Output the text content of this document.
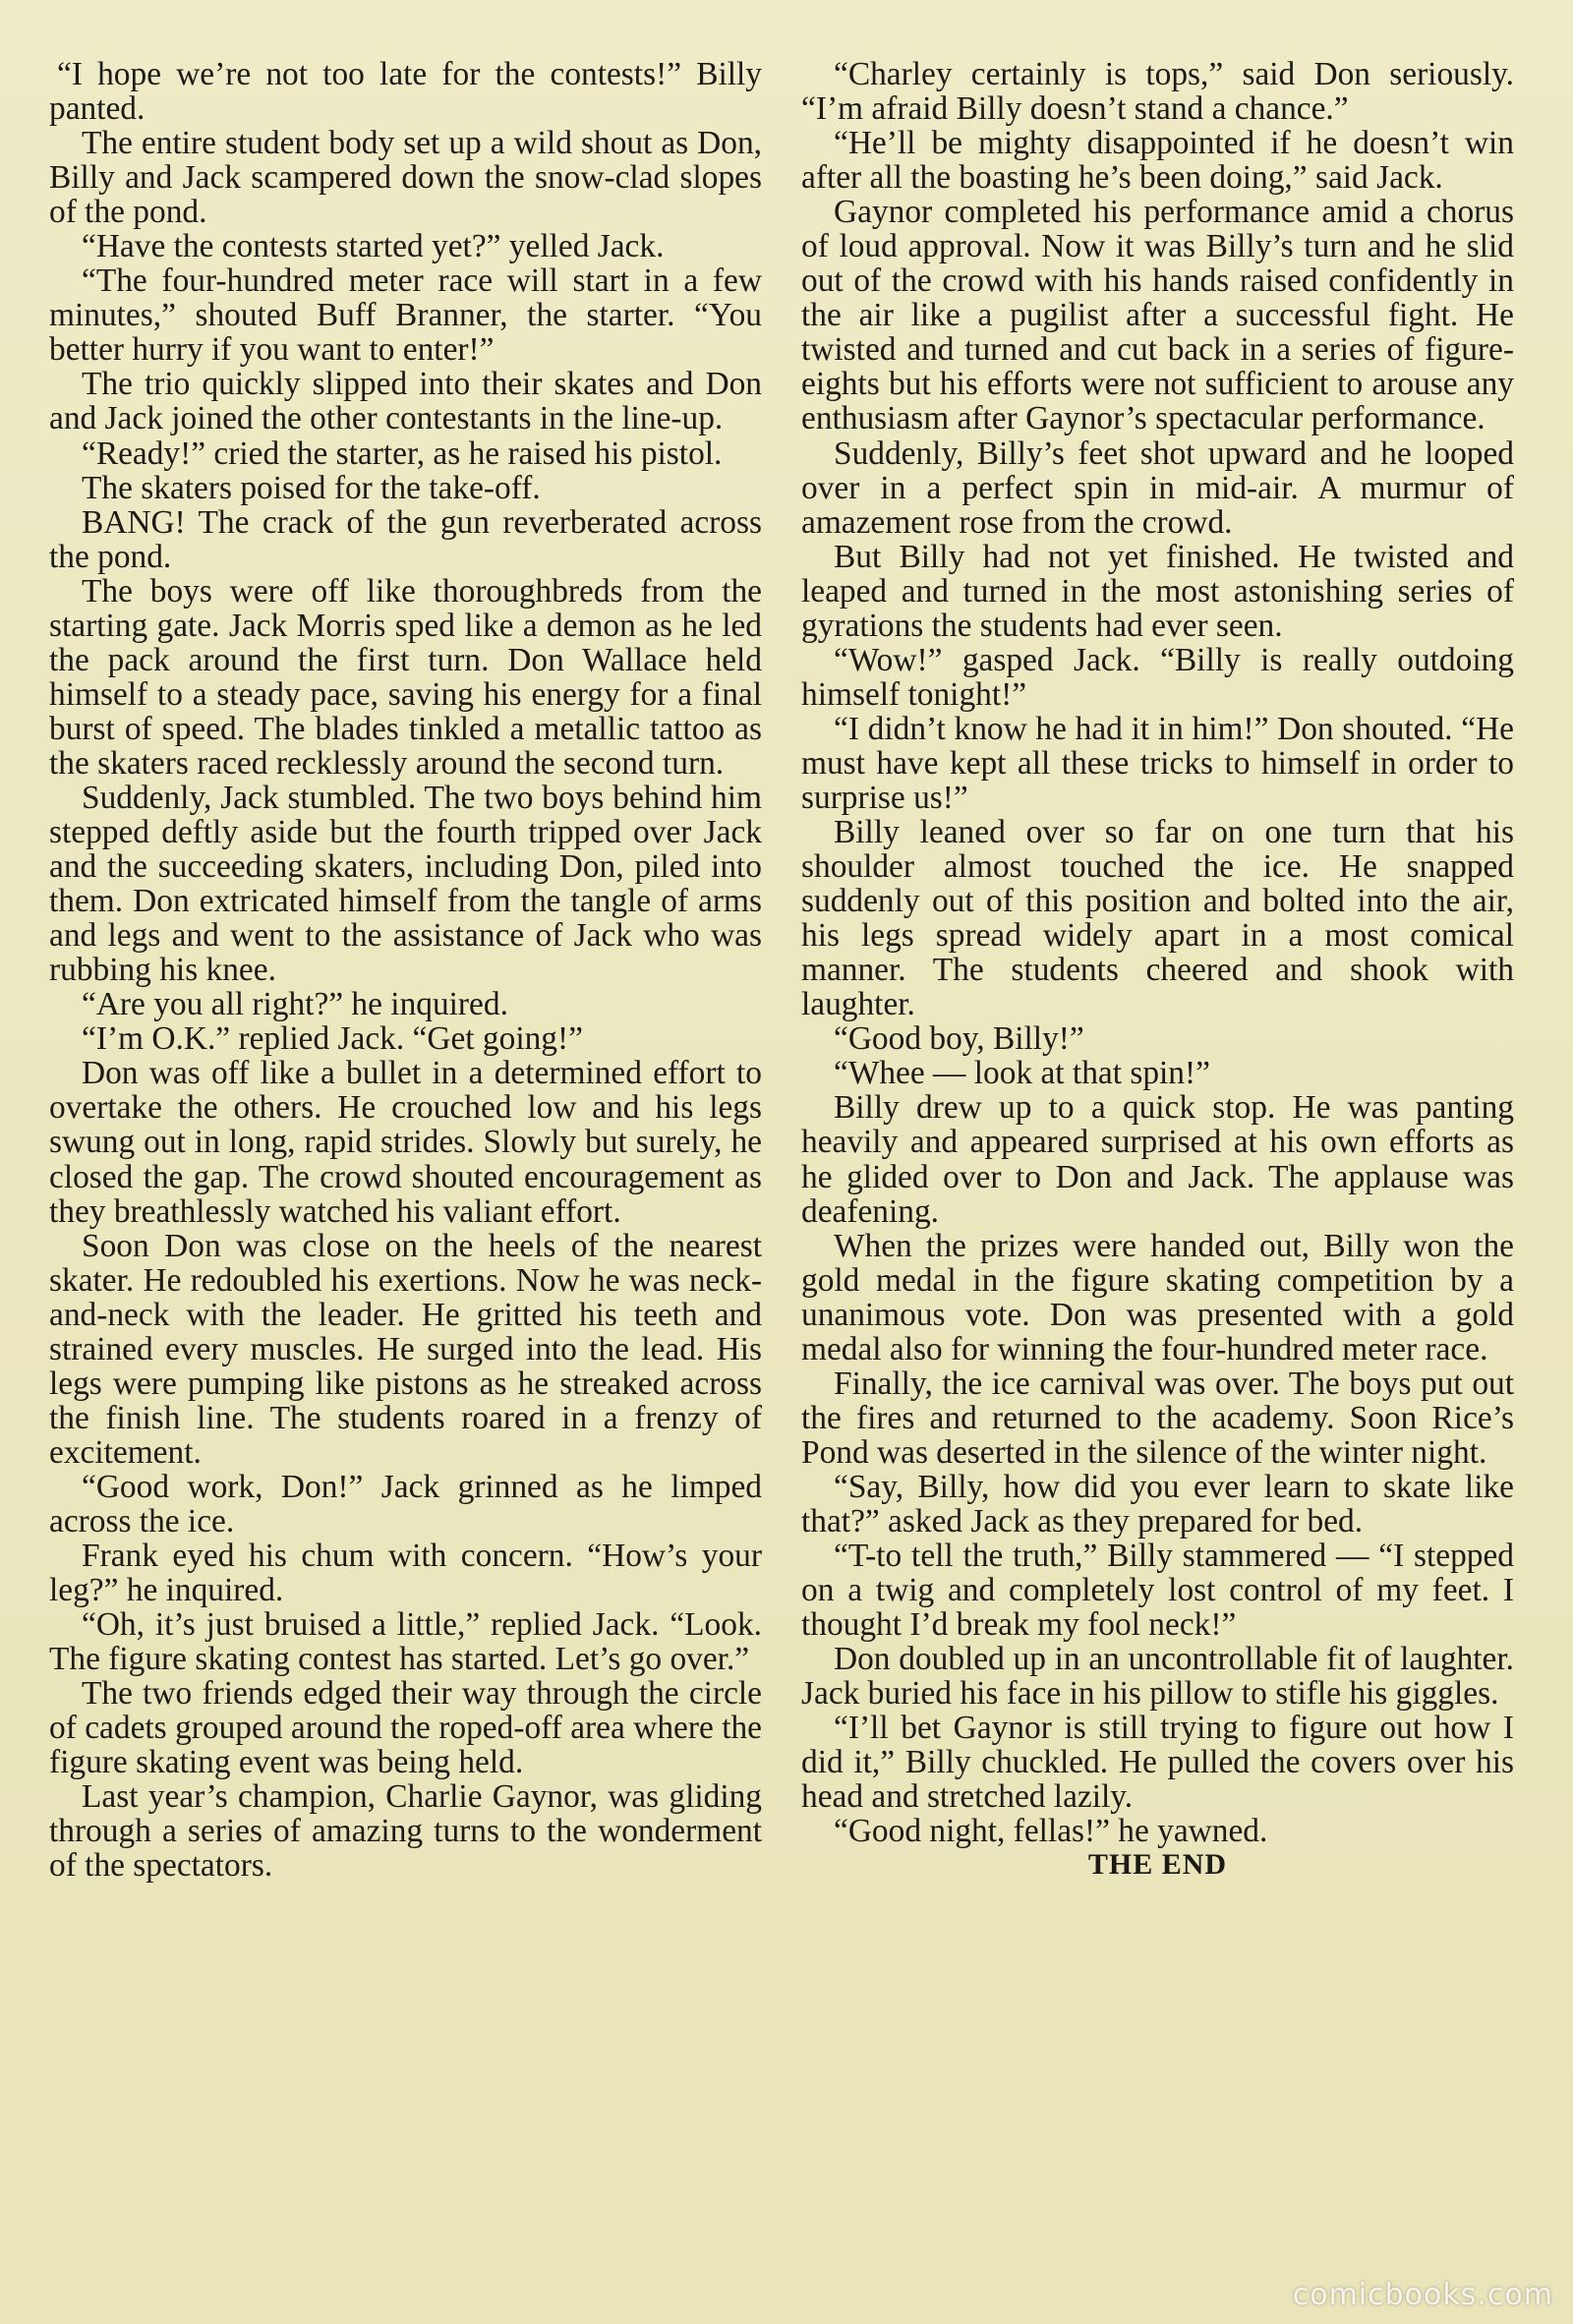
“I hope we’re not too late for the contests!” Billy panted.

The entire student body set up a wild shout as Don, Billy and Jack scampered down the snow-clad slopes of the pond.

“Have the contests started yet?” yelled Jack.

“The four-hundred meter race will start in a few minutes,” shouted Buff Branner, the starter. “You better hurry if you want to enter!”

The trio quickly slipped into their skates and Don and Jack joined the other contestants in the line-up.

“Ready!” cried the starter, as he raised his pistol.

The skaters poised for the take-off.

BANG! The crack of the gun reverberated across the pond.

The boys were off like thoroughbreds from the starting gate. Jack Morris sped like a demon as he led the pack around the first turn. Don Wallace held himself to a steady pace, saving his energy for a final burst of speed. The blades tinkled a metallic tattoo as the skaters raced recklessly around the second turn.

Suddenly, Jack stumbled. The two boys behind him stepped deftly aside but the fourth tripped over Jack and the succeeding skaters, including Don, piled into them. Don extricated himself from the tangle of arms and legs and went to the assistance of Jack who was rubbing his knee.

“Are you all right?” he inquired.

“I’m O.K.” replied Jack. “Get going!”

Don was off like a bullet in a determined effort to overtake the others. He crouched low and his legs swung out in long, rapid strides. Slowly but surely, he closed the gap. The crowd shouted encouragement as they breathlessly watched his valiant effort.

Soon Don was close on the heels of the nearest skater. He redoubled his exertions. Now he was neck-and-neck with the leader. He gritted his teeth and strained every muscles. He surged into the lead. His legs were pumping like pistons as he streaked across the finish line. The students roared in a frenzy of excitement.

“Good work, Don!” Jack grinned as he limped across the ice.

Frank eyed his chum with concern. “How’s your leg?” he inquired.

“Oh, it’s just bruised a little,” replied Jack. “Look. The figure skating contest has started. Let’s go over.”

The two friends edged their way through the circle of cadets grouped around the roped-off area where the figure skating event was being held.

Last year’s champion, Charlie Gaynor, was gliding through a series of amazing turns to the wonderment of the spectators.

“Charley certainly is tops,” said Don seriously. “I’m afraid Billy doesn’t stand a chance.”

“He’ll be mighty disappointed if he doesn’t win after all the boasting he’s been doing,” said Jack.

Gaynor completed his performance amid a chorus of loud approval. Now it was Billy’s turn and he slid out of the crowd with his hands raised confidently in the air like a pugilist after a successful fight. He twisted and turned and cut back in a series of figure-eights but his efforts were not sufficient to arouse any enthusiasm after Gaynor’s spectacular performance.

Suddenly, Billy’s feet shot upward and he looped over in a perfect spin in mid-air. A murmur of amazement rose from the crowd.

But Billy had not yet finished. He twisted and leaped and turned in the most astonishing series of gyrations the students had ever seen.

“Wow!” gasped Jack. “Billy is really outdoing himself tonight!”

“I didn’t know he had it in him!” Don shouted. “He must have kept all these tricks to himself in order to surprise us!”

Billy leaned over so far on one turn that his shoulder almost touched the ice. He snapped suddenly out of this position and bolted into the air, his legs spread widely apart in a most comical manner. The students cheered and shook with laughter.

“Good boy, Billy!”

“Whee — look at that spin!”

Billy drew up to a quick stop. He was panting heavily and appeared surprised at his own efforts as he glided over to Don and Jack. The applause was deafening.

When the prizes were handed out, Billy won the gold medal in the figure skating competition by a unanimous vote. Don was presented with a gold medal also for winning the four-hundred meter race.

Finally, the ice carnival was over. The boys put out the fires and returned to the academy. Soon Rice’s Pond was deserted in the silence of the winter night.

“Say, Billy, how did you ever learn to skate like that?” asked Jack as they prepared for bed.

“T-to tell the truth,” Billy stammered — “I stepped on a twig and completely lost control of my feet. I thought I’d break my fool neck!”

Don doubled up in an uncontrollable fit of laughter. Jack buried his face in his pillow to stifle his giggles.

“I’ll bet Gaynor is still trying to figure out how I did it,” Billy chuckled. He pulled the covers over his head and stretched lazily.

“Good night, fellas!” he yawned.

THE END
comicbooks.com
